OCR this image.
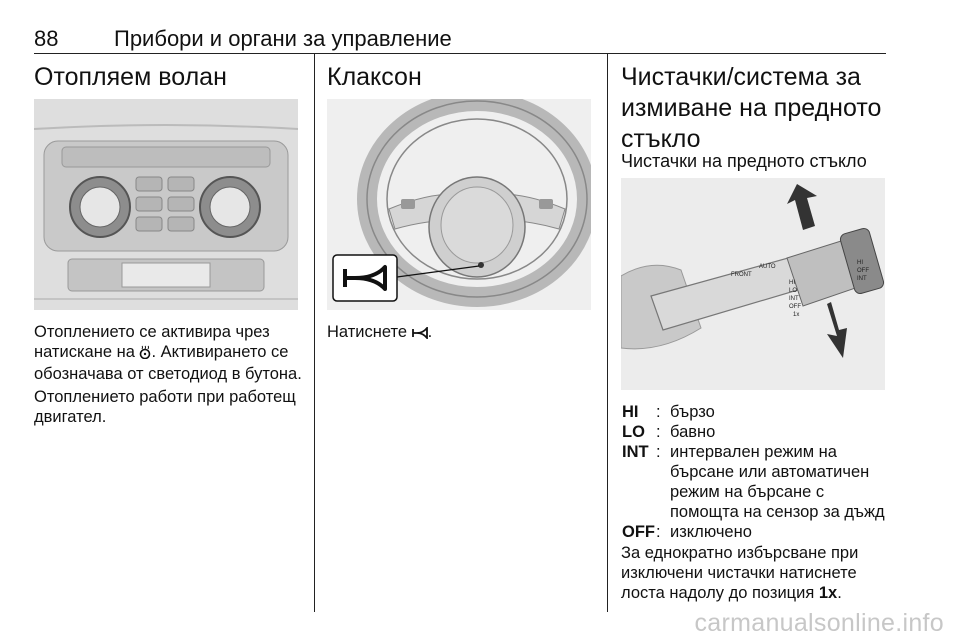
88	Прибори и органи за управление
Отопляем волан

Отоплението се активира чрез натискане на . Активирането се обозначава от светодиод в бутона.

Отоплението работи при работещ двигател.

Клаксон

Натиснете .

Чистачки/система за измиване на предното стъкло
Чистачки на предното стъкло
FRONT
AUTO
HI
LO
INT
OFF
1x
HI
OFF
INT
HI	: бързо
LO : бавно
INT : интервален режим на бърсане или автоматичен режим на бърсане с помощта на сензор за дъжд
OFF : изключено

За еднократно избърсване при изключени чистачки натиснете лоста надолу до позиция 1x.

carmanualsonline.info
